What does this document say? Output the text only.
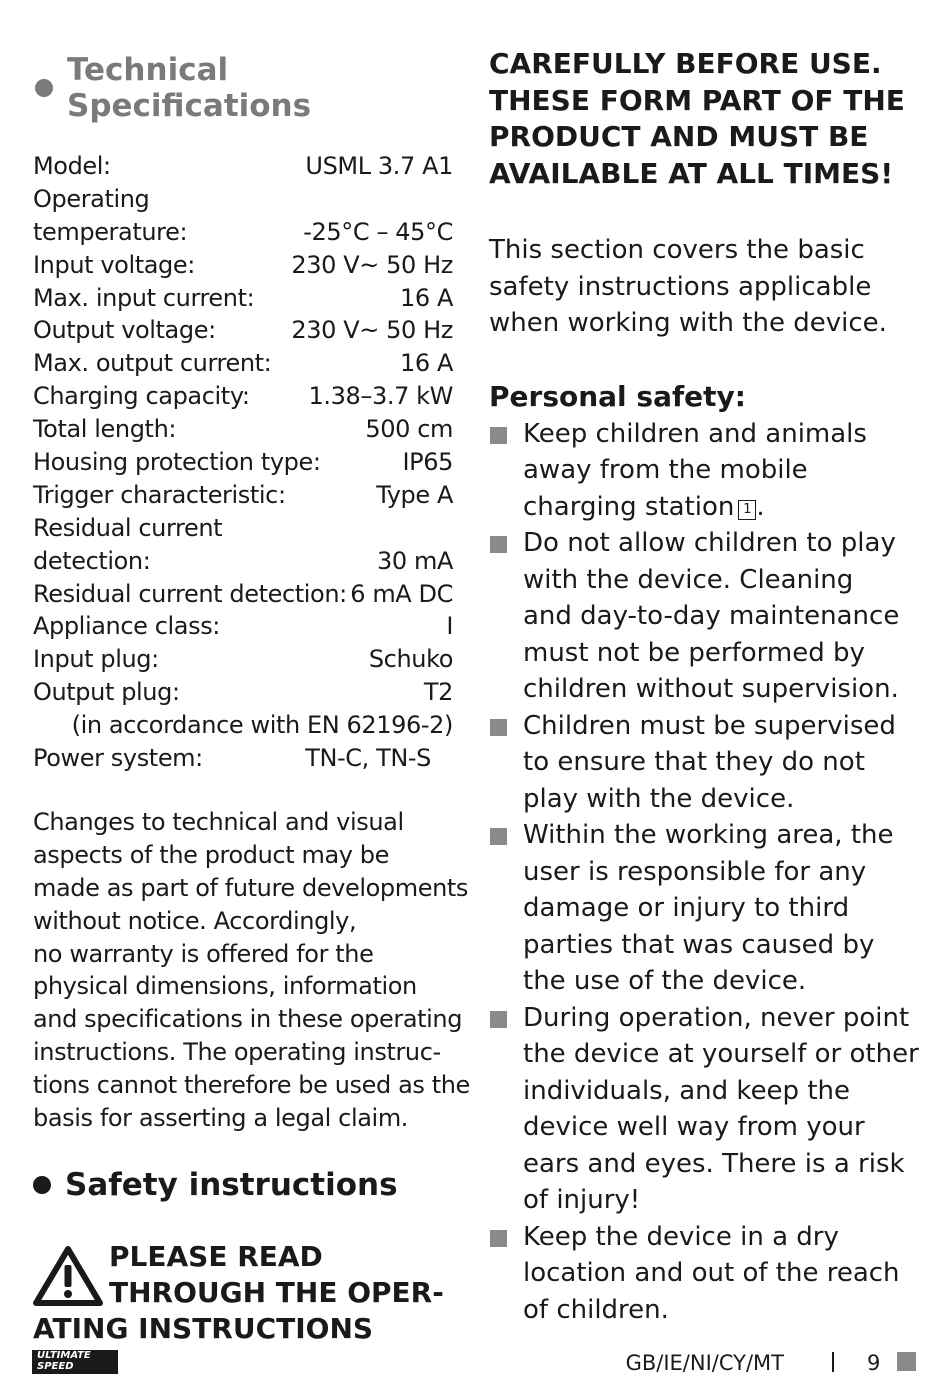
Technical Specifications
Model:	USML 3.7 A1
Operating
temperature:	-25°C – 45°C
Input voltage:	230 V~ 50 Hz
Max. input current:	16 A
Output voltage:	230 V~ 50 Hz
Max. output current:	16 A
Charging capacity: 1.38–3.7 kW
Total length:	500 cm
Housing protection type:	IP65
Trigger characteristic:	Type A
Residual current
detection:	30 mA
Residual current detection: 6 mA DC
Appliance class:	I
Input plug:	Schuko
Output plug:	T2
(in accordance with EN 62196-2)
Power system:	TN-C, TN-S
Changes to technical and visual
aspects of the product may be
made as part of future developments
without notice. Accordingly,
no warranty is offered for the
physical dimensions, information
and specifications in these operating
instructions. The operating instruc-
tions cannot therefore be used as the
basis for asserting a legal claim.
Safety instructions
PLEASE READ
THROUGH THE OPER-
ATING INSTRUCTIONS
CAREFULLY BEFORE USE.
THESE FORM PART OF THE
PRODUCT AND MUST BE
AVAILABLE AT ALL TIMES!
This section covers the basic
safety instructions applicable
when working with the device.
Personal safety:
Keep children and animals
away from the mobile
charging station 1 .
Do not allow children to play
with the device. Cleaning
and day-to-day maintenance
must not be performed by
children without supervision.
Children must be supervised
to ensure that they do not
play with the device.
Within the working area, the
user is responsible for any
damage or injury to third
parties that was caused by
the use of the device.
During operation, never point
the device at yourself or other
individuals, and keep the
device well way from your
ears and eyes. There is a risk
of injury!
Keep the device in a dry
location and out of the reach
of children.
ULTIMATE
SPEED	GB/IE/NI/CY/MT	9
